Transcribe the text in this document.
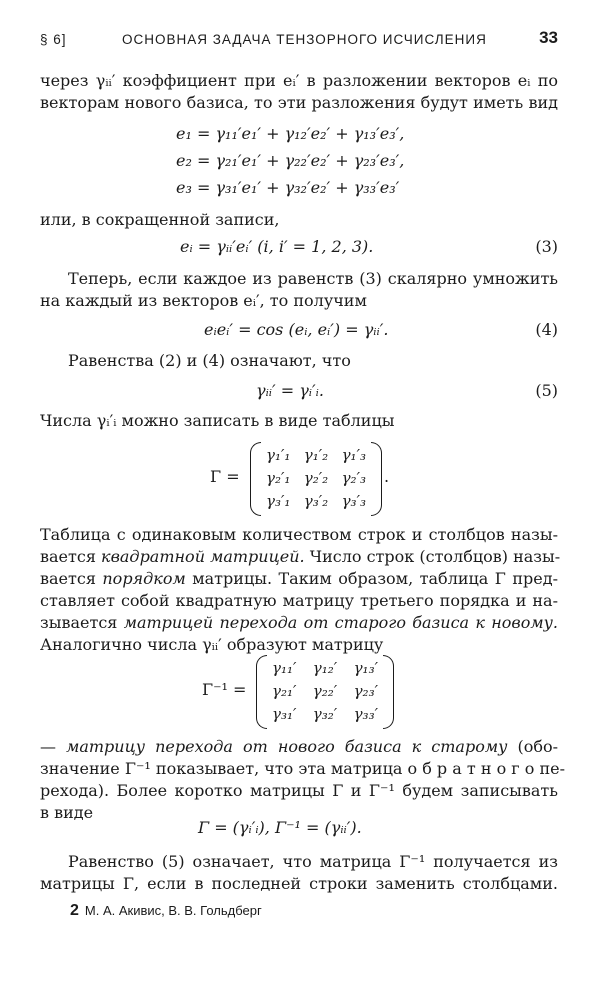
§ 6]	ОСНОВНАЯ ЗАДАЧА ТЕНЗОРНОГО ИСЧИСЛЕНИЯ	33
через γᵢᵢ′ коэффициент при eᵢ′ в разложении векторов eᵢ по
векторам нового базиса, то эти разложения будут иметь вид
e₁ = γ₁₁′e₁′ + γ₁₂′e₂′ + γ₁₃′e₃′,
e₂ = γ₂₁′e₁′ + γ₂₂′e₂′ + γ₂₃′e₃′,
e₃ = γ₃₁′e₁′ + γ₃₂′e₂′ + γ₃₃′e₃′
или, в сокращенной записи,
eᵢ = γᵢᵢ′eᵢ′ (i, i′ = 1, 2, 3).	(3)
Теперь, если каждое из равенств (3) скалярно умножить
на каждый из векторов eᵢ′, то получим
eᵢeᵢ′ = cos (eᵢ, eᵢ′) = γᵢᵢ′.	(4)
Равенства (2) и (4) означают, что
γᵢᵢ′ = γᵢ′ᵢ.	(5)
Числа γᵢ′ᵢ можно записать в виде таблицы
Γ =
γ₁′₁ γ₁′₂ γ₁′₃
γ₂′₁ γ₂′₂ γ₂′₃
γ₃′₁ γ₃′₂ γ₃′₃
.
Таблица с одинаковым количеством строк и столбцов назы-
вается квадратной матрицей. Число строк (столбцов) назы-
вается порядком матрицы. Таким образом, таблица Γ пред-
ставляет собой квадратную матрицу третьего порядка и на-
зывается матрицей перехода от старого базиса к новому.
Аналогично числа γᵢᵢ′ образуют матрицу
Γ⁻¹ =
γ₁₁′ γ₁₂′ γ₁₃′
γ₂₁′ γ₂₂′ γ₂₃′
γ₃₁′ γ₃₂′ γ₃₃′
— матрицу перехода от нового базиса к старому (обо-
значение Γ⁻¹ показывает, что эта матрица о б р а т н о г о пе-
рехода). Более коротко матрицы Γ и Γ⁻¹ будем записывать
в виде
Γ = (γᵢ′ᵢ), Γ⁻¹ = (γᵢᵢ′).
Равенство (5) означает, что матрица Γ⁻¹ получается из
матрицы Γ, если в последней строки заменить столбцами.
2 М. А. Акивис, В. В. Гольдберг
